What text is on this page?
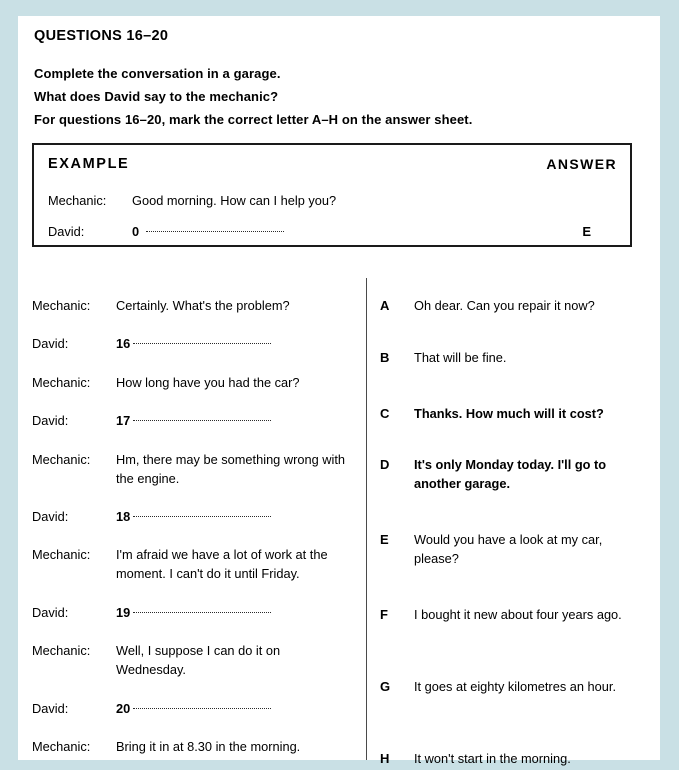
QUESTIONS 16–20
Complete the conversation in a garage.
What does David say to the mechanic?
For questions 16–20, mark the correct letter A–H on the answer sheet.
EXAMPLE	ANSWER
Mechanic: Good morning. How can I help you?
David:	0	E
Mechanic:	Certainly. What's the problem?
David:	16
Mechanic:	How long have you had the car?
David:	17
Mechanic:	Hm, there may be something wrong with the engine.
David:	18
Mechanic:	I'm afraid we have a lot of work at the moment. I can't do it until Friday.
David:	19
Mechanic:	Well, I suppose I can do it on Wednesday.
David:	20
Mechanic:	Bring it in at 8.30 in the morning.
A	Oh dear. Can you repair it now?
B	That will be fine.
C	Thanks. How much will it cost?
D	It's only Monday today. I'll go to another garage.
E	Would you have a look at my car, please?
F	I bought it new about four years ago.
G	It goes at eighty kilometres an hour.
H	It won't start in the morning.
